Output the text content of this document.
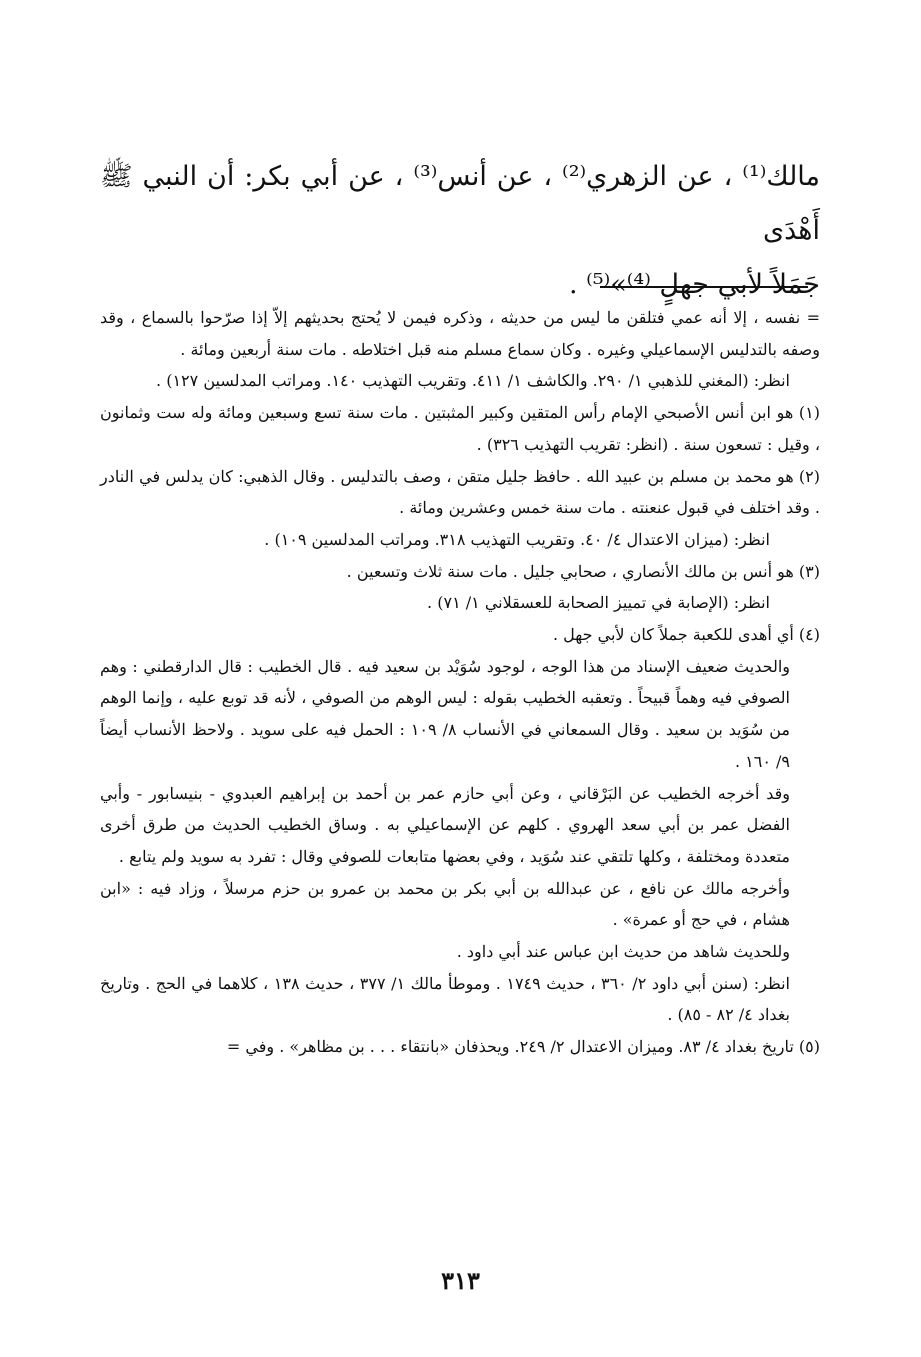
مالك⁽¹⁾ ، عن الزهري⁽²⁾ ، عن أنس⁽³⁾ ، عن أبي بكر: أن النبي ﷺ أَهْدَى

جَمَلاً لأبي جهلٍ ⁽⁴⁾»⁽⁵⁾ .

= نفسه ، إلا أنه عمي فتلقن ما ليس من حديثه ، وذكره فيمن لا يُحتج بحديثهم إلاّ إذا صرّحوا بالسماع ، وقد وصفه بالتدليس الإسماعيلي وغيره . وكان سماع مسلم منه قبل اختلاطه . مات سنة أربعين ومائة .

انظر: (المغني للذهبي ١/ ٢٩٠. والكاشف ١/ ٤١١. وتقريب التهذيب ١٤٠. ومراتب المدلسين ١٢٧) .

(١) هو ابن أنس الأصبحي الإمام رأس المتقين وكبير المثبتين . مات سنة تسع وسبعين ومائة وله ست وثمانون ، وقيل : تسعون سنة . (انظر: تقريب التهذيب ٣٢٦) .

(٢) هو محمد بن مسلم بن عبيد الله . حافظ جليل متقن ، وصف بالتدليس . وقال الذهبي: كان يدلس في النادر . وقد اختلف في قبول عنعنته . مات سنة خمس وعشرين ومائة .

انظر: (ميزان الاعتدال ٤/ ٤٠. وتقريب التهذيب ٣١٨. ومراتب المدلسين ١٠٩) .

(٣) هو أنس بن مالك الأنصاري ، صحابي جليل . مات سنة ثلاث وتسعين .

انظر: (الإصابة في تمييز الصحابة للعسقلاني ١/ ٧١) .

(٤) أي أهدى للكعبة جملاً كان لأبي جهل .

والحديث ضعيف الإسناد من هذا الوجه ، لوجود سُوَيْد بن سعيد فيه . قال الخطيب : قال الدارقطني : وهم الصوفي فيه وهماً قبيحاً . وتعقبه الخطيب بقوله : ليس الوهم من الصوفي ، لأنه قد توبع عليه ، وإنما الوهم من سُوَيد بن سعيد . وقال السمعاني في الأنساب ٨/ ١٠٩ : الحمل فيه على سويد . ولاحظ الأنساب أيضاً ٩/ ١٦٠ .

وقد أخرجه الخطيب عن البَرْقاني ، وعن أبي حازم عمر بن أحمد بن إبراهيم العبدوي - بنيسابور - وأبي الفضل عمر بن أبي سعد الهروي . كلهم عن الإسماعيلي به . وساق الخطيب الحديث من طرق أخرى متعددة ومختلفة ، وكلها تلتقي عند سُوَيد ، وفي بعضها متابعات للصوفي وقال : تفرد به سويد ولم يتابع .

وأخرجه مالك عن نافع ، عن عبدالله بن أبي بكر بن محمد بن عمرو بن حزم مرسلاً ، وزاد فيه : «ابن هشام ، في حج أو عمرة» .

وللحديث شاهد من حديث ابن عباس عند أبي داود .

انظر: (سنن أبي داود ٢/ ٣٦٠ ، حديث ١٧٤٩ . وموطأ مالك ١/ ٣٧٧ ، حديث ١٣٨ ، كلاهما في الحج . وتاريخ بغداد ٤/ ٨٢ - ٨٥) .

(٥) تاريخ بغداد ٤/ ٨٣. وميزان الاعتدال ٢/ ٢٤٩. ويحذفان «بانتقاء . . . بن مظاهر» . وفي =

٣١٣
